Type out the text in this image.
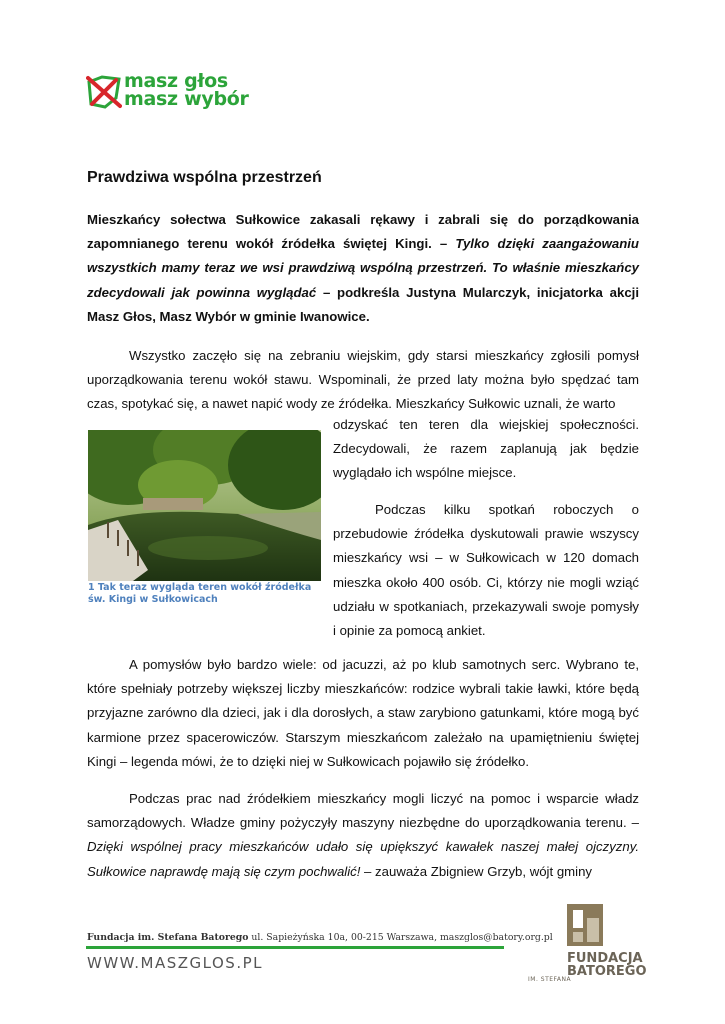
masz głos
masz wybór
Prawdziwa wspólna przestrzeń

Mieszkańcy sołectwa Sułkowice zakasali rękawy i zabrali się do porządkowania zapomnianego terenu wokół źródełka świętej Kingi. – Tylko dzięki zaangażowaniu wszystkich mamy teraz we wsi prawdziwą wspólną przestrzeń. To właśnie mieszkańcy zdecydowali jak powinna wyglądać – podkreśla Justyna Mularczyk, inicjatorka akcji Masz Głos, Masz Wybór w gminie Iwanowice.

Wszystko zaczęło się na zebraniu wiejskim, gdy starsi mieszkańcy zgłosili pomysł uporządkowania terenu wokół stawu. Wspominali, że przed laty można było spędzać tam czas, spotykać się, a nawet napić wody ze źródełka. Mieszkańcy Sułkowic uznali, że warto

1 Tak teraz wygląda teren wokół źródełka św. Kingi w Sułkowicach

odzyskać ten teren dla wiejskiej społeczności. Zdecydowali, że razem zaplanują jak będzie wyglądało ich wspólne miejsce.

Podczas kilku spotkań roboczych o przebudowie źródełka dyskutowali prawie wszyscy mieszkańcy wsi – w Sułkowicach w 120 domach mieszka około 400 osób. Ci, którzy nie mogli wziąć udziału w spotkaniach, przekazywali swoje pomysły i opinie za pomocą ankiet.

A pomysłów było bardzo wiele: od jacuzzi, aż po klub samotnych serc. Wybrano te, które spełniały potrzeby większej liczby mieszkańców: rodzice wybrali takie ławki, które będą przyjazne zarówno dla dzieci, jak i dla dorosłych, a staw zarybiono gatunkami, które mogą być karmione przez spacerowiczów. Starszym mieszkańcom zależało na upamiętnieniu świętej Kingi – legenda mówi, że to dzięki niej w Sułkowicach pojawiło się źródełko.

Podczas prac nad źródełkiem mieszkańcy mogli liczyć na pomoc i wsparcie władz samorządowych. Władze gminy pożyczyły maszyny niezbędne do uporządkowania terenu. – Dzięki wspólnej pracy mieszkańców udało się upiększyć kawałek naszej małej ojczyzny. Sułkowice naprawdę mają się czym pochwalić! – zauważa Zbigniew Grzyb, wójt gminy

Fundacja im. Stefana Batorego ul. Sapieżyńska 10a, 00-215 Warszawa, maszglos@batory.org.pl
WWW.MASZGLOS.PL	FUNDACJA
BATOREGO
IM. STEFANA
